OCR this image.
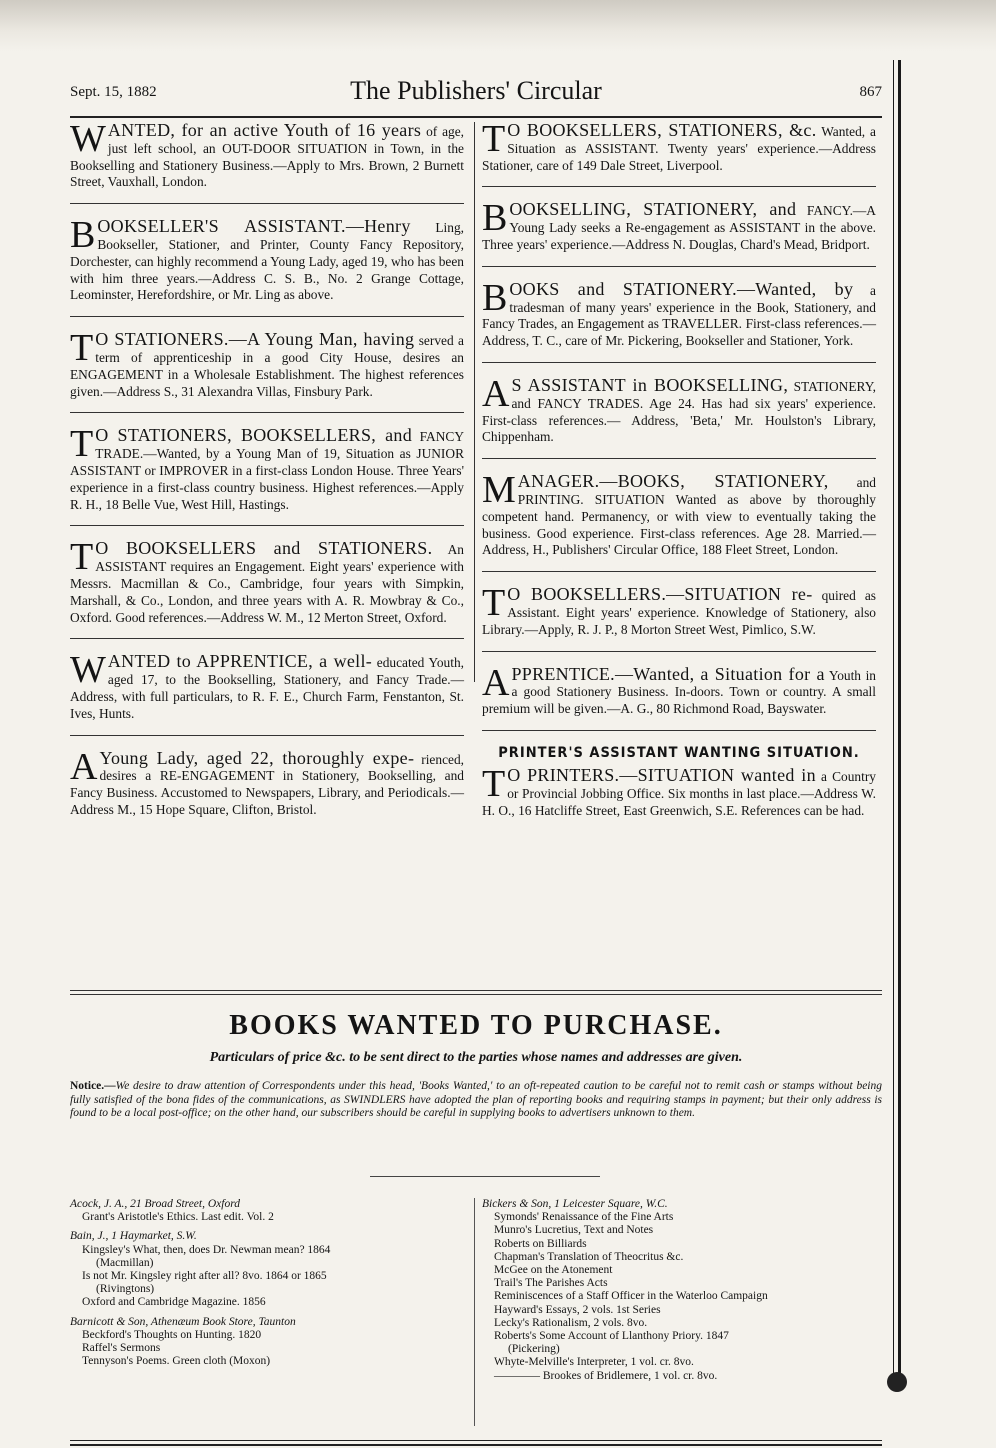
Sept. 15, 1882	The Publishers' Circular	867

WANTED, for an active Youth of 16 years of age, just left school, an OUT-DOOR SITUATION in Town, in the Bookselling and Stationery Business.—Apply to Mrs. Brown, 2 Burnett Street, Vauxhall, London.

BOOKSELLER'S ASSISTANT.—Henry Ling, Bookseller, Stationer, and Printer, County Fancy Repository, Dorchester, can highly recommend a Young Lady, aged 19, who has been with him three years.—Address C. S. B., No. 2 Grange Cottage, Leominster, Herefordshire, or Mr. Ling as above.

T O STATIONERS.—A Young Man, having served a term of apprenticeship in a good City House, desires an ENGAGEMENT in a Wholesale Establishment. The highest references given.—Address S., 31 Alexandra Villas, Finsbury Park.

T O STATIONERS, BOOKSELLERS, and FANCY TRADE.—Wanted, by a Young Man of 19, Situation as JUNIOR ASSISTANT or IMPROVER in a first-class London House. Three Years' experience in a first-class country business. Highest references.—Apply R. H., 18 Belle Vue, West Hill, Hastings.

T O BOOKSELLERS and STATIONERS. An ASSISTANT requires an Engagement. Eight years' experience with Messrs. Macmillan & Co., Cambridge, four years with Simpkin, Marshall, & Co., London, and three years with A. R. Mowbray & Co., Oxford. Good references.—Address W. M., 12 Merton Street, Oxford.

WANTED to APPRENTICE, a well- educated Youth, aged 17, to the Bookselling, Stationery, and Fancy Trade.—Address, with full particulars, to R. F. E., Church Farm, Fenstanton, St. Ives, Hunts.

A Young Lady, aged 22, thoroughly expe- rienced, desires a RE-ENGAGEMENT in Stationery, Bookselling, and Fancy Business. Accustomed to Newspapers, Library, and Periodicals.—Address M., 15 Hope Square, Clifton, Bristol.

T O BOOKSELLERS, STATIONERS, &c. Wanted, a Situation as ASSISTANT. Twenty years' experience.—Address Stationer, care of 149 Dale Street, Liverpool.

BOOKSELLING, STATIONERY, and FANCY.—A Young Lady seeks a Re-engagement as ASSISTANT in the above. Three years' experience.—Address N. Douglas, Chard's Mead, Bridport.

BOOKS and STATIONERY.—Wanted, by a tradesman of many years' experience in the Book, Stationery, and Fancy Trades, an Engagement as TRAVELLER. First-class references.—Address, T. C., care of Mr. Pickering, Bookseller and Stationer, York.

A S ASSISTANT in BOOKSELLING, STATIONERY, and FANCY TRADES. Age 24. Has had six years' experience. First-class references.— Address, 'Beta,' Mr. Houlston's Library, Chippenham.

MANAGER.—BOOKS, STATIONERY, and PRINTING. SITUATION Wanted as above by thoroughly competent hand. Permanency, or with view to eventually taking the business. Good experience. First-class references. Age 28. Married.—Address, H., Publishers' Circular Office, 188 Fleet Street, London.

T O BOOKSELLERS.—SITUATION re- quired as Assistant. Eight years' experience. Knowledge of Stationery, also Library.—Apply, R. J. P., 8 Morton Street West, Pimlico, S.W.

APPRENTICE.—Wanted, a Situation for a Youth in a good Stationery Business. In-doors. Town or country. A small premium will be given.—A. G., 80 Richmond Road, Bayswater.

PRINTER'S ASSISTANT WANTING SITUATION.

T O PRINTERS.—SITUATION wanted in a Country or Provincial Jobbing Office. Six months in last place.—Address W. H. O., 16 Hatcliffe Street, East Greenwich, S.E. References can be had.

BOOKS WANTED TO PURCHASE.
Particulars of price &c. to be sent direct to the parties whose names and addresses are given.
Notice.—We desire to draw attention of Correspondents under this head, 'Books Wanted,' to an oft-repeated caution to be careful not to remit cash or stamps without being fully satisfied of the bona fides of the communications, as SWINDLERS have adopted the plan of reporting books and requiring stamps in payment; but their only address is found to be a local post-office; on the other hand, our subscribers should be careful in supplying books to advertisers unknown to them.
Acock, J. A., 21 Broad Street, Oxford
Grant's Aristotle's Ethics. Last edit. Vol. 2
Bain, J., 1 Haymarket, S.W.
Kingsley's What, then, does Dr. Newman mean? 1864
(Macmillan)
Is not Mr. Kingsley right after all? 8vo. 1864 or 1865
(Rivingtons)
Oxford and Cambridge Magazine. 1856
Barnicott & Son, Athenæum Book Store, Taunton
Beckford's Thoughts on Hunting. 1820
Raffel's Sermons
Tennyson's Poems. Green cloth (Moxon)
Bickers & Son, 1 Leicester Square, W.C.
Symonds' Renaissance of the Fine Arts
Munro's Lucretius, Text and Notes
Roberts on Billiards
Chapman's Translation of Theocritus &c.
McGee on the Atonement
Trail's The Parishes Acts
Reminiscences of a Staff Officer in the Waterloo Campaign
Hayward's Essays, 2 vols. 1st Series
Lecky's Rationalism, 2 vols. 8vo.
Roberts's Some Account of Llanthony Priory. 1847
(Pickering)
Whyte-Melville's Interpreter, 1 vol. cr. 8vo.
———— Brookes of Bridlemere, 1 vol. cr. 8vo.
